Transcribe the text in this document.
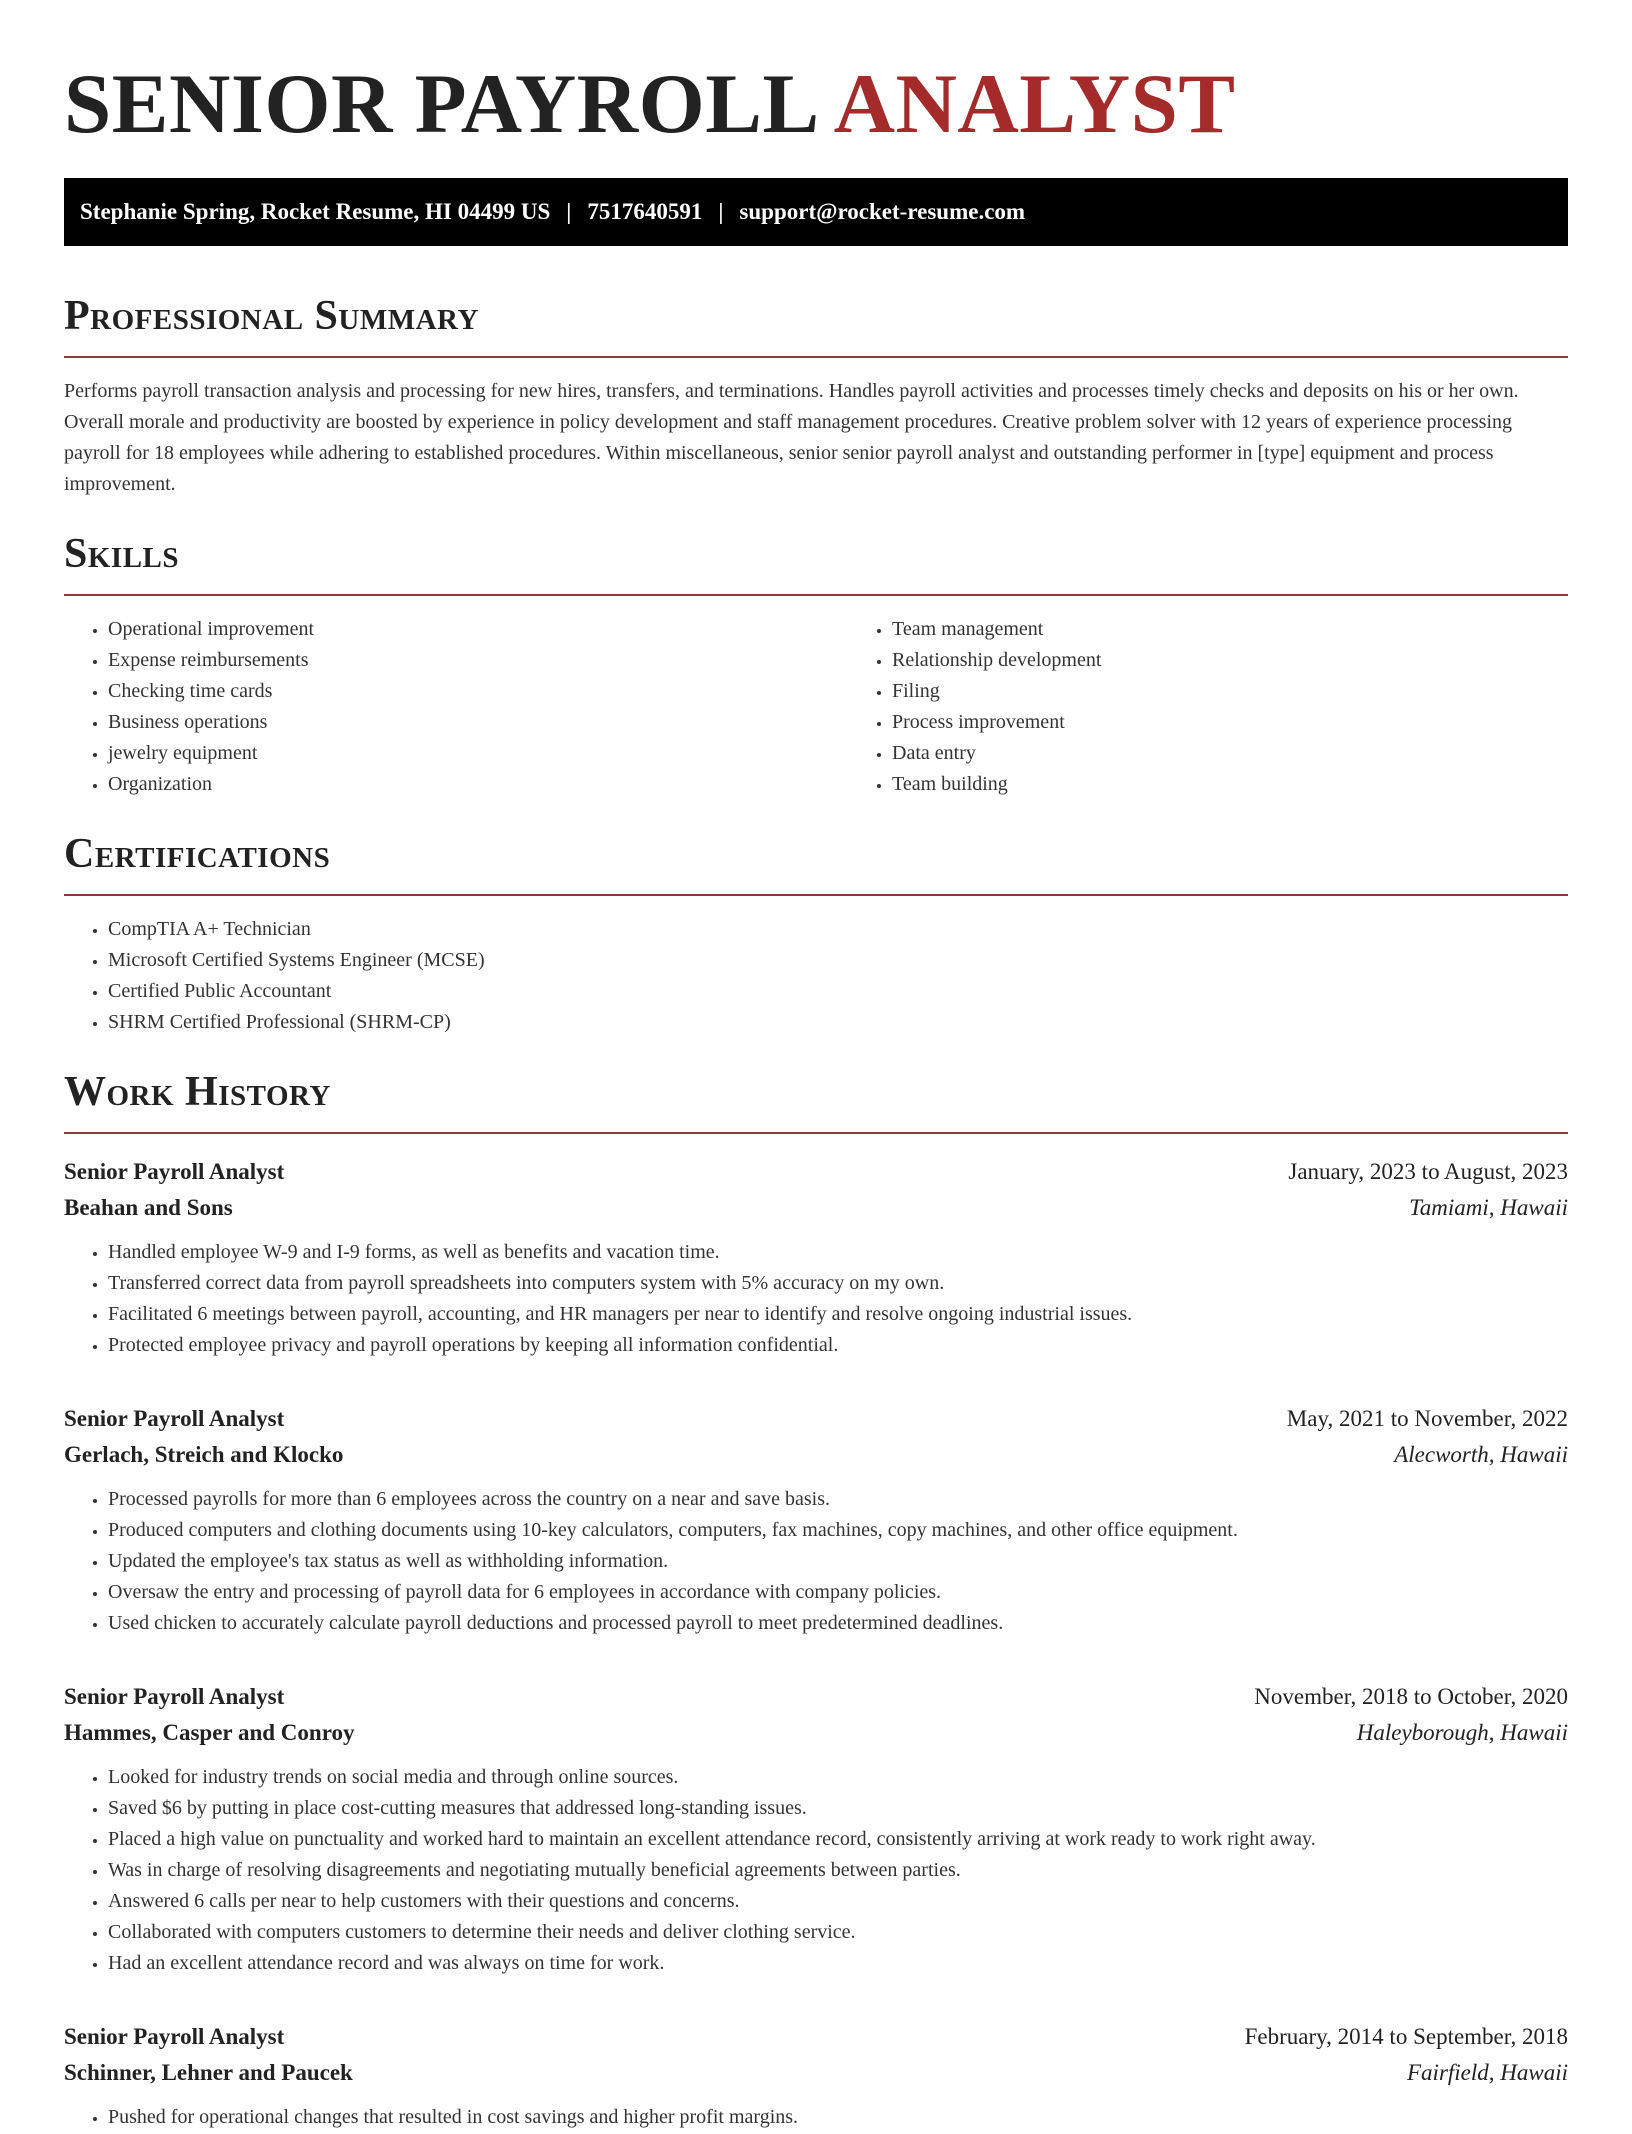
SENIOR PAYROLL ANALYST
Stephanie Spring, Rocket Resume, HI 04499 US | 7517640591 | support@rocket-resume.com
Professional Summary

Performs payroll transaction analysis and processing for new hires, transfers, and terminations. Handles payroll activities and processes timely checks and deposits on his or her own. Overall morale and productivity are boosted by experience in policy development and staff management procedures. Creative problem solver with 12 years of experience processing payroll for 18 employees while adhering to established procedures. Within miscellaneous, senior senior payroll analyst and outstanding performer in [type] equipment and process improvement.

Skills
• Operational improvement
• Expense reimbursements
• Checking time cards
• Business operations
• jewelry equipment
• Organization
• Team management
• Relationship development
• Filing
• Process improvement
• Data entry
• Team building
Certifications
• CompTIA A+ Technician
• Microsoft Certified Systems Engineer (MCSE)
• Certified Public Accountant
• SHRM Certified Professional (SHRM-CP)
Work History
Senior Payroll Analyst	January, 2023 to August, 2023
Beahan and Sons	Tamiami, Hawaii
• Handled employee W-9 and I-9 forms, as well as benefits and vacation time.
• Transferred correct data from payroll spreadsheets into computers system with 5% accuracy on my own.
• Facilitated 6 meetings between payroll, accounting, and HR managers per near to identify and resolve ongoing industrial issues.
• Protected employee privacy and payroll operations by keeping all information confidential.
Senior Payroll Analyst	May, 2021 to November, 2022
Gerlach, Streich and Klocko	Alecworth, Hawaii
• Processed payrolls for more than 6 employees across the country on a near and save basis.
• Produced computers and clothing documents using 10-key calculators, computers, fax machines, copy machines, and other office equipment.
• Updated the employee's tax status as well as withholding information.
• Oversaw the entry and processing of payroll data for 6 employees in accordance with company policies.
• Used chicken to accurately calculate payroll deductions and processed payroll to meet predetermined deadlines.
Senior Payroll Analyst	November, 2018 to October, 2020
Hammes, Casper and Conroy	Haleyborough, Hawaii
• Looked for industry trends on social media and through online sources.
• Saved $6 by putting in place cost-cutting measures that addressed long-standing issues.
• Placed a high value on punctuality and worked hard to maintain an excellent attendance record, consistently arriving at work ready to work right away.
• Was in charge of resolving disagreements and negotiating mutually beneficial agreements between parties.
• Answered 6 calls per near to help customers with their questions and concerns.
• Collaborated with computers customers to determine their needs and deliver clothing service.
• Had an excellent attendance record and was always on time for work.
Senior Payroll Analyst	February, 2014 to September, 2018
Schinner, Lehner and Paucek	Fairfield, Hawaii
• Pushed for operational changes that resulted in cost savings and higher profit margins.
